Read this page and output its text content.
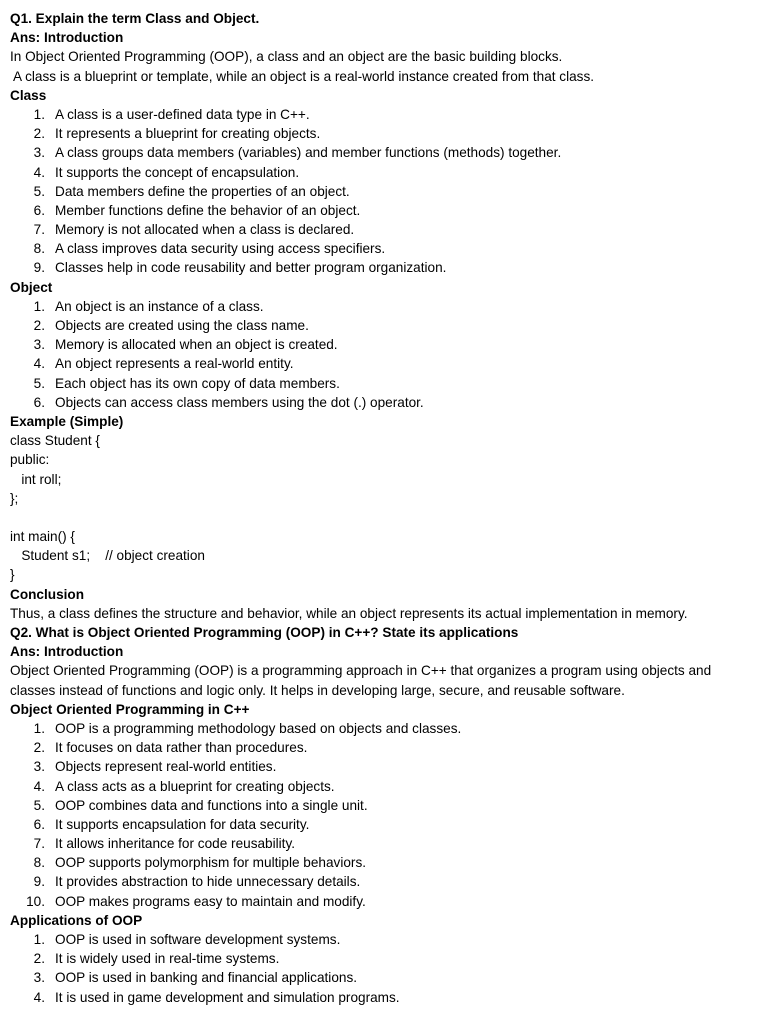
Q1. Explain the term Class and Object.
Ans: Introduction
In Object Oriented Programming (OOP), a class and an object are the basic building blocks.
A class is a blueprint or template, while an object is a real-world instance created from that class.
Class
1. A class is a user-defined data type in C++.
2. It represents a blueprint for creating objects.
3. A class groups data members (variables) and member functions (methods) together.
4. It supports the concept of encapsulation.
5. Data members define the properties of an object.
6. Member functions define the behavior of an object.
7. Memory is not allocated when a class is declared.
8. A class improves data security using access specifiers.
9. Classes help in code reusability and better program organization.
Object
1. An object is an instance of a class.
2. Objects are created using the class name.
3. Memory is allocated when an object is created.
4. An object represents a real-world entity.
5. Each object has its own copy of data members.
6. Objects can access class members using the dot (.) operator.
Example (Simple)
class Student {
public:
int roll;
};
int main() {
Student s1;    // object creation
}
Conclusion
Thus, a class defines the structure and behavior, while an object represents its actual implementation in memory.
Q2. What is Object Oriented Programming (OOP) in C++? State its applications
Ans: Introduction

Object Oriented Programming (OOP) is a programming approach in C++ that organizes a program using objects and classes instead of functions and logic only. It helps in developing large, secure, and reusable software.

Object Oriented Programming in C++
1. OOP is a programming methodology based on objects and classes.
2. It focuses on data rather than procedures.
3. Objects represent real-world entities.
4. A class acts as a blueprint for creating objects.
5. OOP combines data and functions into a single unit.
6. It supports encapsulation for data security.
7. It allows inheritance for code reusability.
8. OOP supports polymorphism for multiple behaviors.
9. It provides abstraction to hide unnecessary details.
10. OOP makes programs easy to maintain and modify.
Applications of OOP
1. OOP is used in software development systems.
2. It is widely used in real-time systems.
3. OOP is used in banking and financial applications.
4. It is used in game development and simulation programs.
